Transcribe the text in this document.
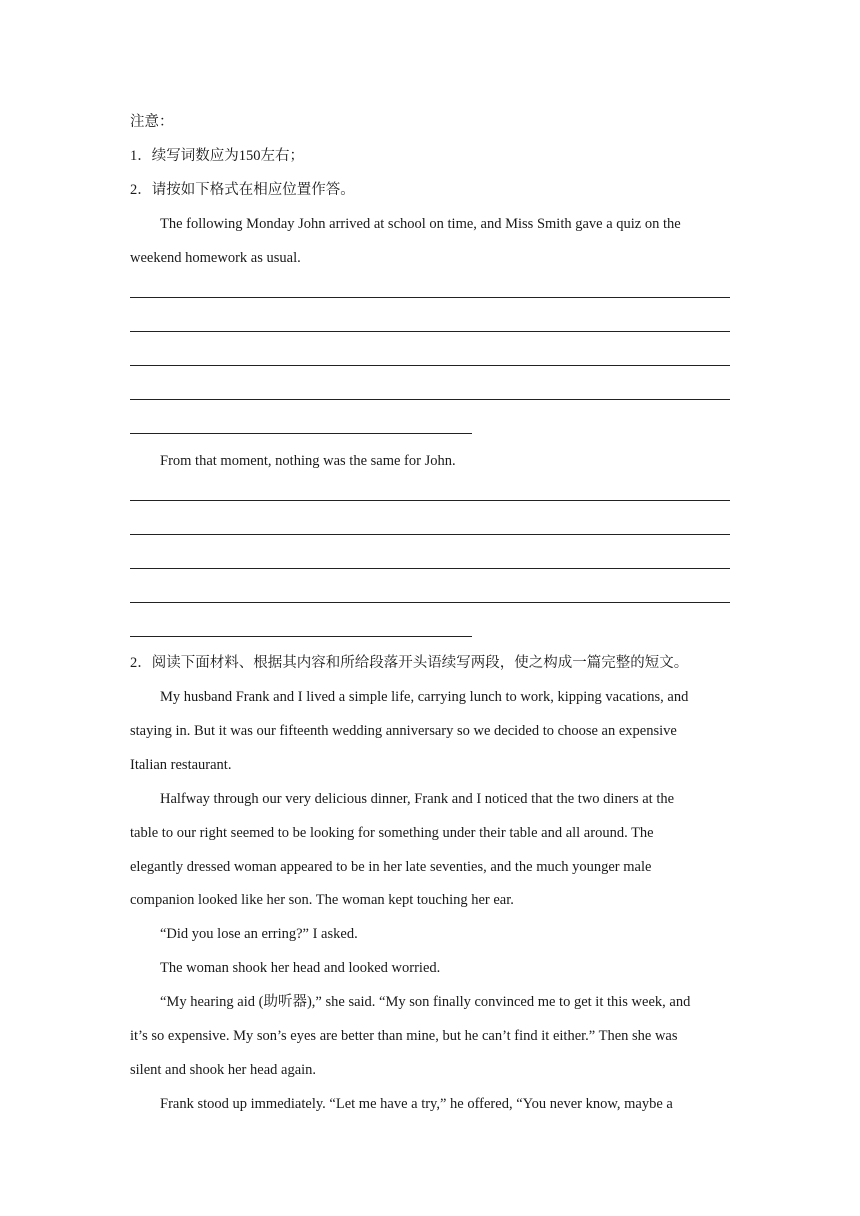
注意：
1．续写词数应为150左右；
2．请按如下格式在相应位置作答。
The following Monday John arrived at school on time, and Miss Smith gave a quiz on the
weekend homework as usual.
From that moment, nothing was the same for John.
2．阅读下面材料、根据其内容和所给段落开头语续写两段，使之构成一篇完整的短文。
My husband Frank and I lived a simple life, carrying lunch to work, kipping vacations, and
staying in. But it was our fifteenth wedding anniversary so we decided to choose an expensive
Italian restaurant.
Halfway through our very delicious dinner, Frank and I noticed that the two diners at the
table to our right seemed to be looking for something under their table and all around. The
elegantly dressed woman appeared to be in her late seventies, and the much younger male
companion looked like her son. The woman kept touching her ear.
“Did you lose an erring?” I asked.
The woman shook her head and looked worried.
“My hearing aid (助听器),” she said. “My son finally convinced me to get it this week, and
it’s so expensive. My son’s eyes are better than mine, but he can’t find it either.” Then she was
silent and shook her head again.
Frank stood up immediately. “Let me have a try,” he offered, “You never know, maybe a
